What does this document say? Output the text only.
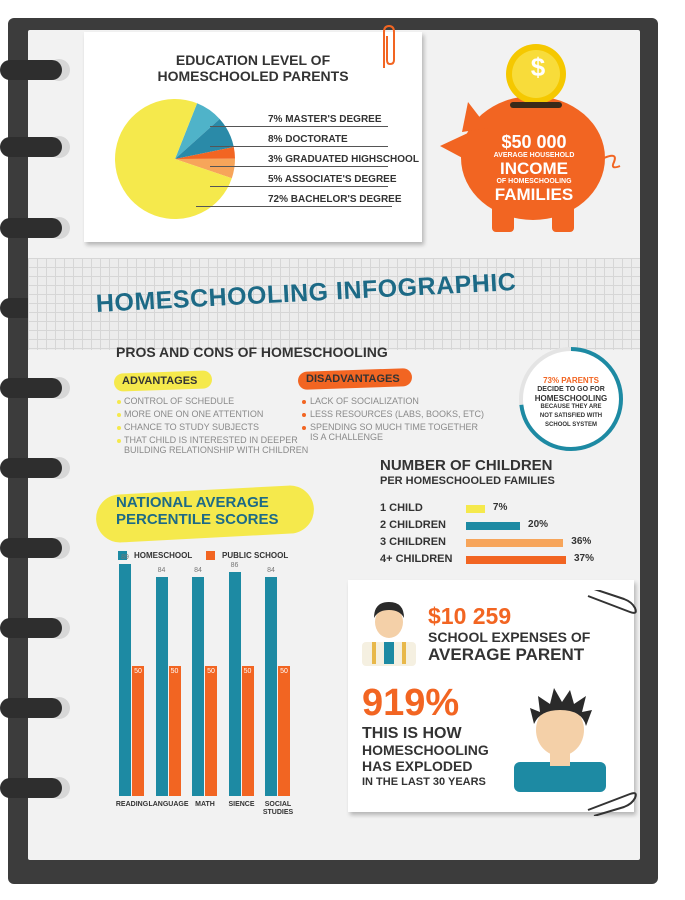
EDUCATION LEVEL OF
HOMESCHOOLED PARENTS
7% MASTER'S DEGREE
8% DOCTORATE
3% GRADUATED HIGHSCHOOL
5% ASSOCIATE'S DEGREE
72% BACHELOR'S DEGREE
$
$50 000
AVERAGE HOUSEHOLD
INCOME
OF HOMESCHOOLING
FAMILIES
HOMESCHOOLING INFOGRAPHIC
PROS AND CONS OF HOMESCHOOLING
ADVANTAGES
CONTROL OF SCHEDULE
MORE ONE ON ONE ATTENTION
CHANCE TO STUDY SUBJECTS
THAT CHILD IS INTERESTED IN DEEPER
BUILDING RELATIONSHIP WITH CHILDREN
DISADVANTAGES
LACK OF SOCIALIZATION
LESS RESOURCES (LABS, BOOKS, ETC)
SPENDING SO MUCH TIME TOGETHER
IS A CHALLENGE
73% PARENTS
DECIDE TO GO FOR
HOMESCHOOLING
BECAUSE THEY ARE
NOT SATISFIED WITH
SCHOOL SYSTEM
NATIONAL AVERAGE
PERCENTILE SCORES
HOMESCHOOL	PUBLIC SCHOOL
89
50
READING
84
50
LANGUAGE
84
50
MATH
86
50
SIENCE
84
50
SOCIAL STUDIES
NUMBER OF CHILDREN
PER HOMESCHOOLED FAMILIES
1 CHILD	7%
2 CHILDREN	20%
3 CHILDREN	36%
4+ CHILDREN	37%
$10 259
SCHOOL EXPENSES OF
AVERAGE PARENT
919%
THIS IS HOW
HOMESCHOOLING
HAS EXPLODED
IN THE LAST 30 YEARS
